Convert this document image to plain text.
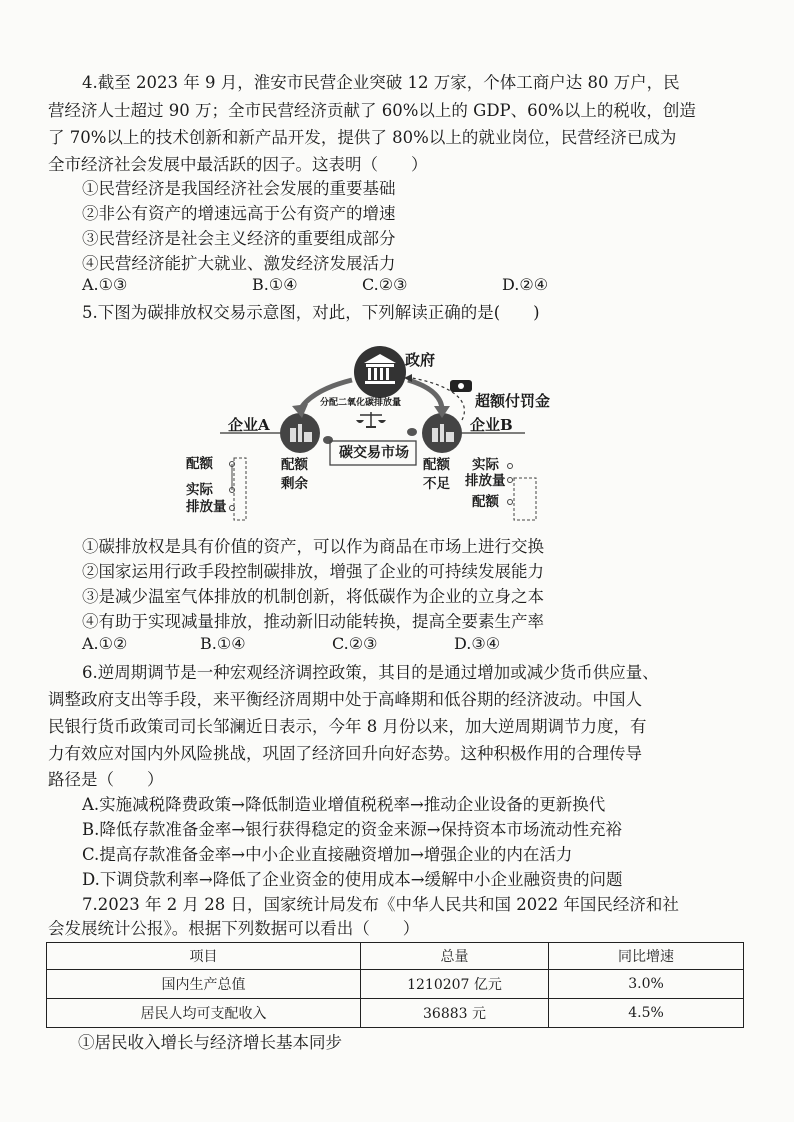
4.截至 2023 年 9 月，淮安市民营企业突破 12 万家，个体工商户达 80 万户，民
营经济人士超过 90 万；全市民营经济贡献了 60%以上的 GDP、60%以上的税收，创造
了 70%以上的技术创新和新产品开发，提供了 80%以上的就业岗位，民营经济已成为
全市经济社会发展中最活跃的因子。这表明（　　）
①民营经济是我国经济社会发展的重要基础
②非公有资产的增速远高于公有资产的增速
③民营经济是社会主义经济的重要组成部分
④民营经济能扩大就业、激发经济发展活力
A.①③	B.①④	C.②③	D.②④
5.下图为碳排放权交易示意图，对此，下列解读正确的是(　　)
政府
分配二氧化碳排放量	超额付罚金
企业A	企业B
碳交易市场
配额
剩余
配额
不足
配额
实际
排放量
实际
排放量
配额
①碳排放权是具有价值的资产，可以作为商品在市场上进行交换
②国家运用行政手段控制碳排放，增强了企业的可持续发展能力
③是减少温室气体排放的机制创新，将低碳作为企业的立身之本
④有助于实现减量排放，推动新旧动能转换，提高全要素生产率
A.①②	B.①④	C.②③	D.③④
6.逆周期调节是一种宏观经济调控政策，其目的是通过增加或减少货币供应量、
调整政府支出等手段，来平衡经济周期中处于高峰期和低谷期的经济波动。中国人
民银行货币政策司司长邹澜近日表示，今年 8 月份以来，加大逆周期调节力度，有
力有效应对国内外风险挑战，巩固了经济回升向好态势。这种积极作用的合理传导
路径是（　　）
A.实施减税降费政策→降低制造业增值税税率→推动企业设备的更新换代
B.降低存款准备金率→银行获得稳定的资金来源→保持资本市场流动性充裕
C.提高存款准备金率→中小企业直接融资增加→增强企业的内在活力
D.下调贷款利率→降低了企业资金的使用成本→缓解中小企业融资贵的问题
7.2023 年 2 月 28 日，国家统计局发布《中华人民共和国 2022 年国民经济和社
会发展统计公报》。根据下列数据可以看出（　　）
项目	总量	同比增速
国内生产总值	1210207 亿元	3.0%
居民人均可支配收入	36883 元	4.5%
①居民收入增长与经济增长基本同步
